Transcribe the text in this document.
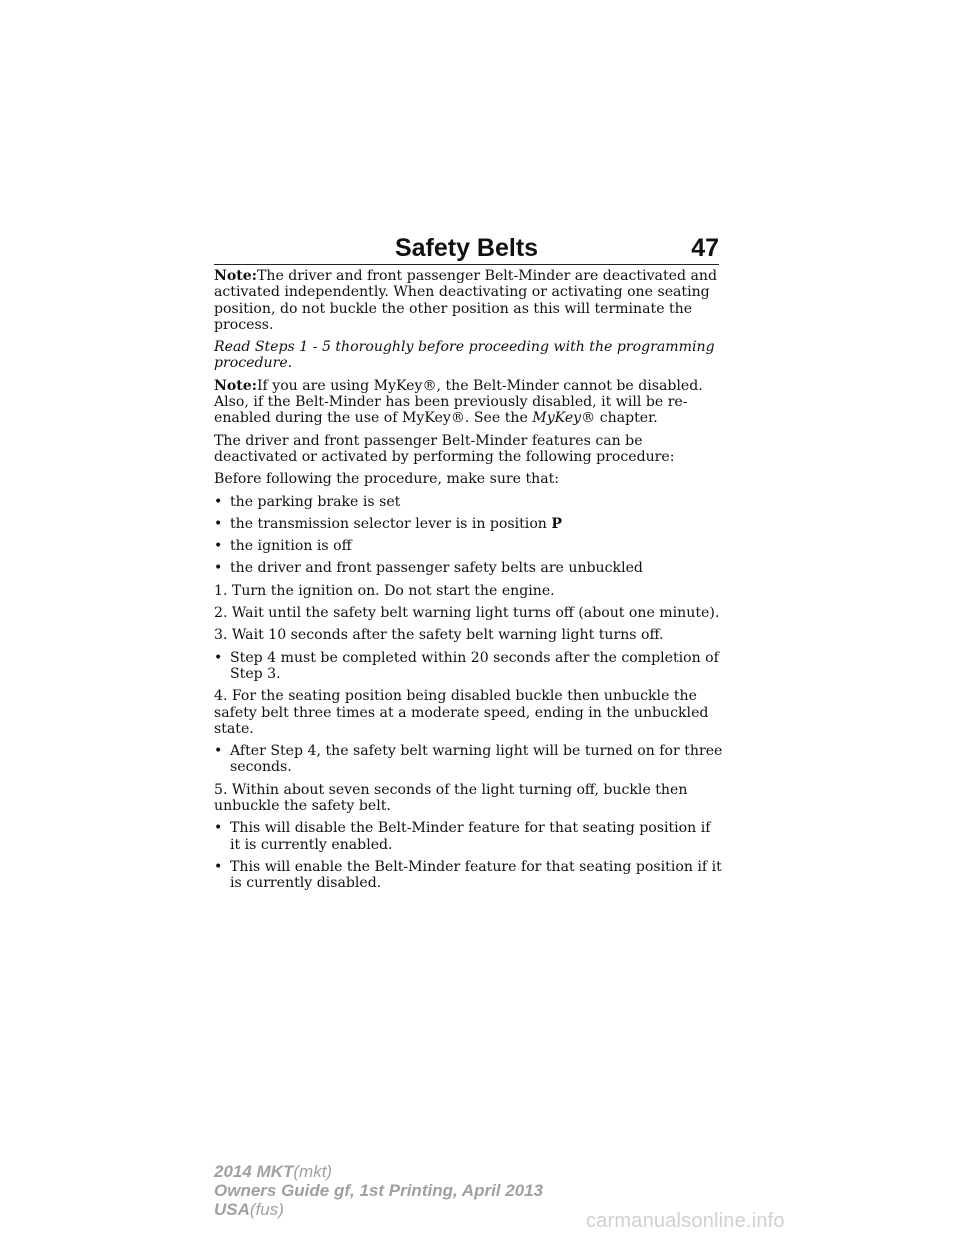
Safety Belts	47

Note:The driver and front passenger Belt-Minder are deactivated and activated independently. When deactivating or activating one seating position, do not buckle the other position as this will terminate the process.

Read Steps 1 - 5 thoroughly before proceeding with the programming procedure.

Note:If you are using MyKey®, the Belt-Minder cannot be disabled. Also, if the Belt-Minder has been previously disabled, it will be re-enabled during the use of MyKey®. See the MyKey® chapter.

The driver and front passenger Belt-Minder features can be deactivated or activated by performing the following procedure:

Before following the procedure, make sure that:

• the parking brake is set
• the transmission selector lever is in position P
• the ignition is off
• the driver and front passenger safety belts are unbuckled

1. Turn the ignition on. Do not start the engine.

2. Wait until the safety belt warning light turns off (about one minute).

3. Wait 10 seconds after the safety belt warning light turns off.

• Step 4 must be completed within 20 seconds after the completion of Step 3.

4. For the seating position being disabled buckle then unbuckle the safety belt three times at a moderate speed, ending in the unbuckled state.

• After Step 4, the safety belt warning light will be turned on for three seconds.

5. Within about seven seconds of the light turning off, buckle then unbuckle the safety belt.

• This will disable the Belt-Minder feature for that seating position if it is currently enabled.
• This will enable the Belt-Minder feature for that seating position if it is currently disabled.
2014 MKT(mkt)
Owners Guide gf, 1st Printing, April 2013
USA(fus)
carmanualsonline.info
